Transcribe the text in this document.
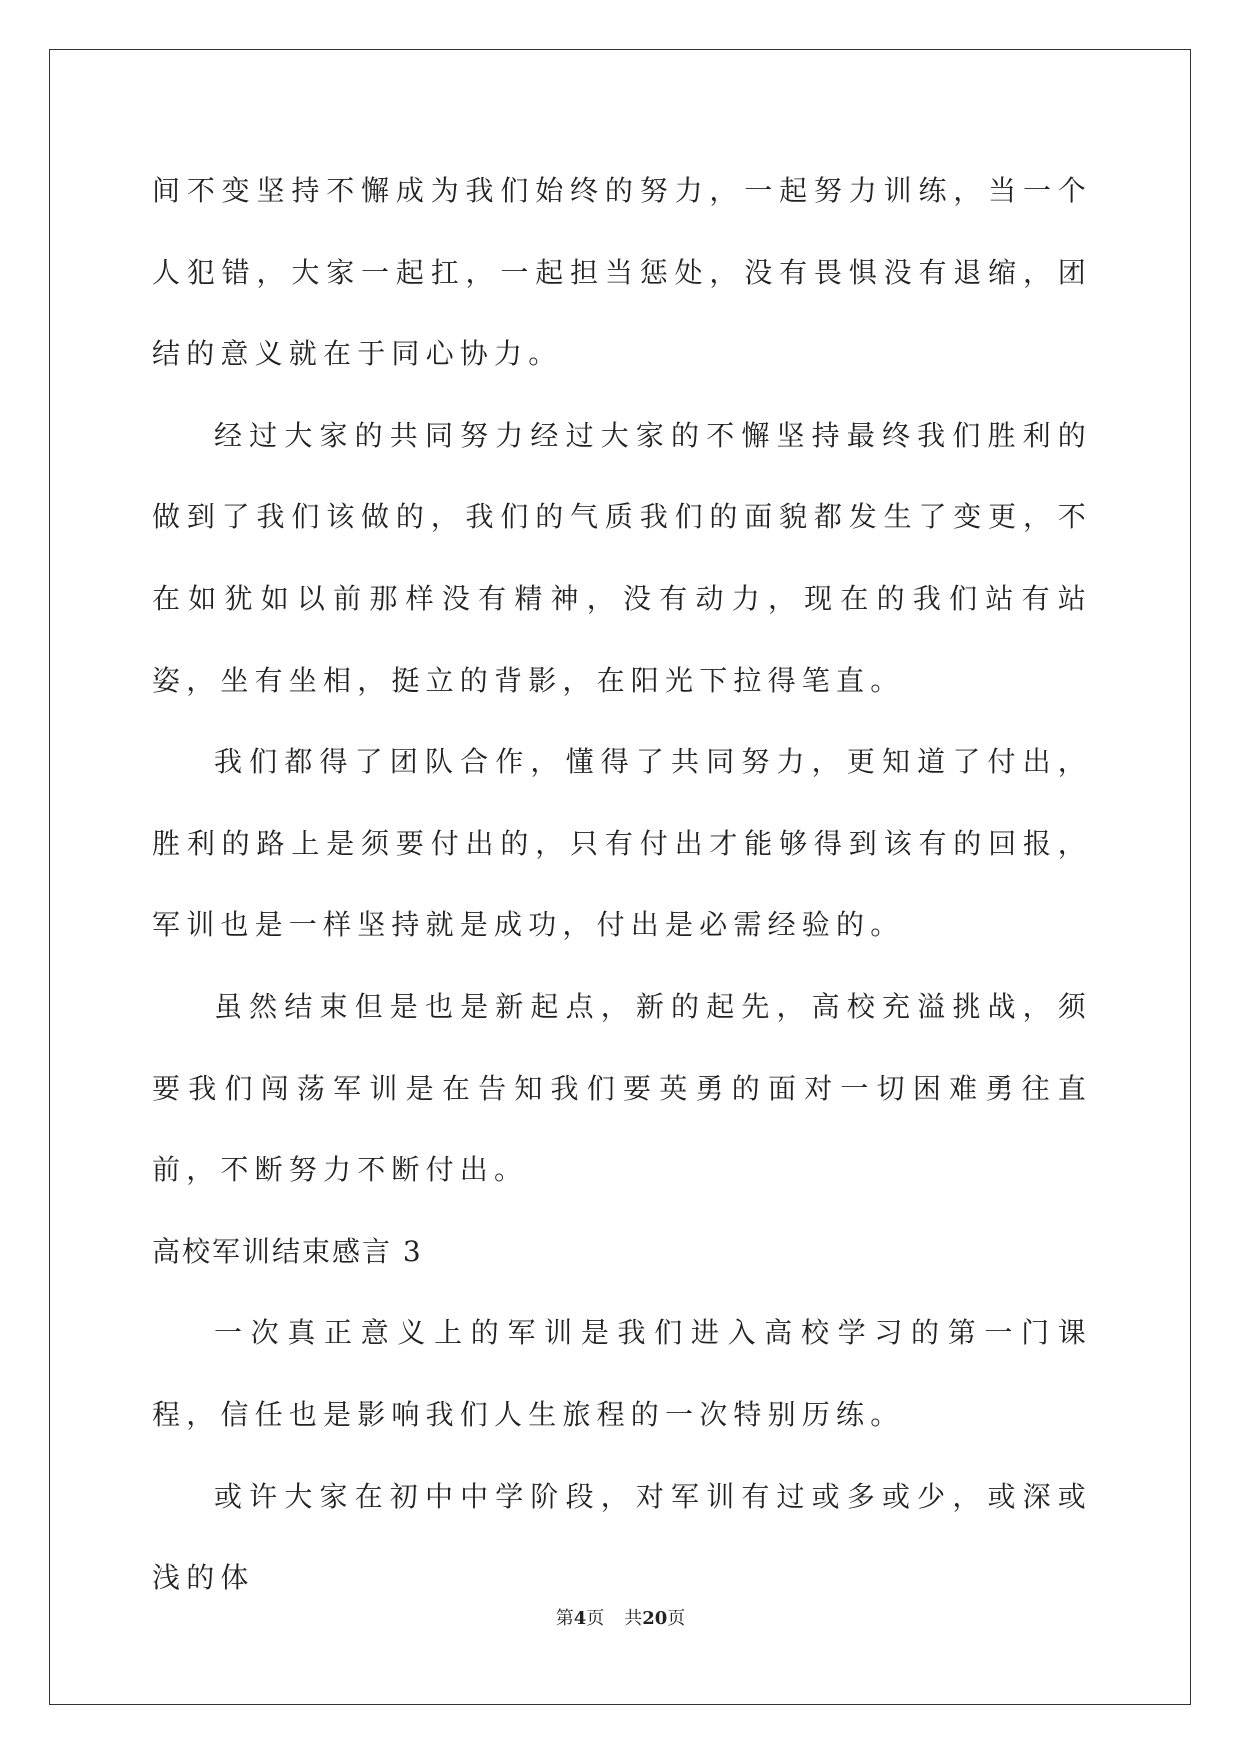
间不变坚持不懈成为我们始终的努力，一起努力训练，当一个人犯错，大家一起扛，一起担当惩处，没有畏惧没有退缩，团结的意义就在于同心协力。

经过大家的共同努力经过大家的不懈坚持最终我们胜利的做到了我们该做的，我们的气质我们的面貌都发生了变更，不在如犹如以前那样没有精神，没有动力，现在的我们站有站姿，坐有坐相，挺立的背影，在阳光下拉得笔直。

我们都得了团队合作，懂得了共同努力，更知道了付出，胜利的路上是须要付出的，只有付出才能够得到该有的回报，军训也是一样坚持就是成功，付出是必需经验的。

虽然结束但是也是新起点，新的起先，高校充溢挑战，须要我们闯荡军训是在告知我们要英勇的面对一切困难勇往直前，不断努力不断付出。

高校军训结束感言 3

一次真正意义上的军训是我们进入高校学习的第一门课程，信任也是影响我们人生旅程的一次特别历练。

或许大家在初中中学阶段，对军训有过或多或少，或深或浅的体

第4页 共20页
